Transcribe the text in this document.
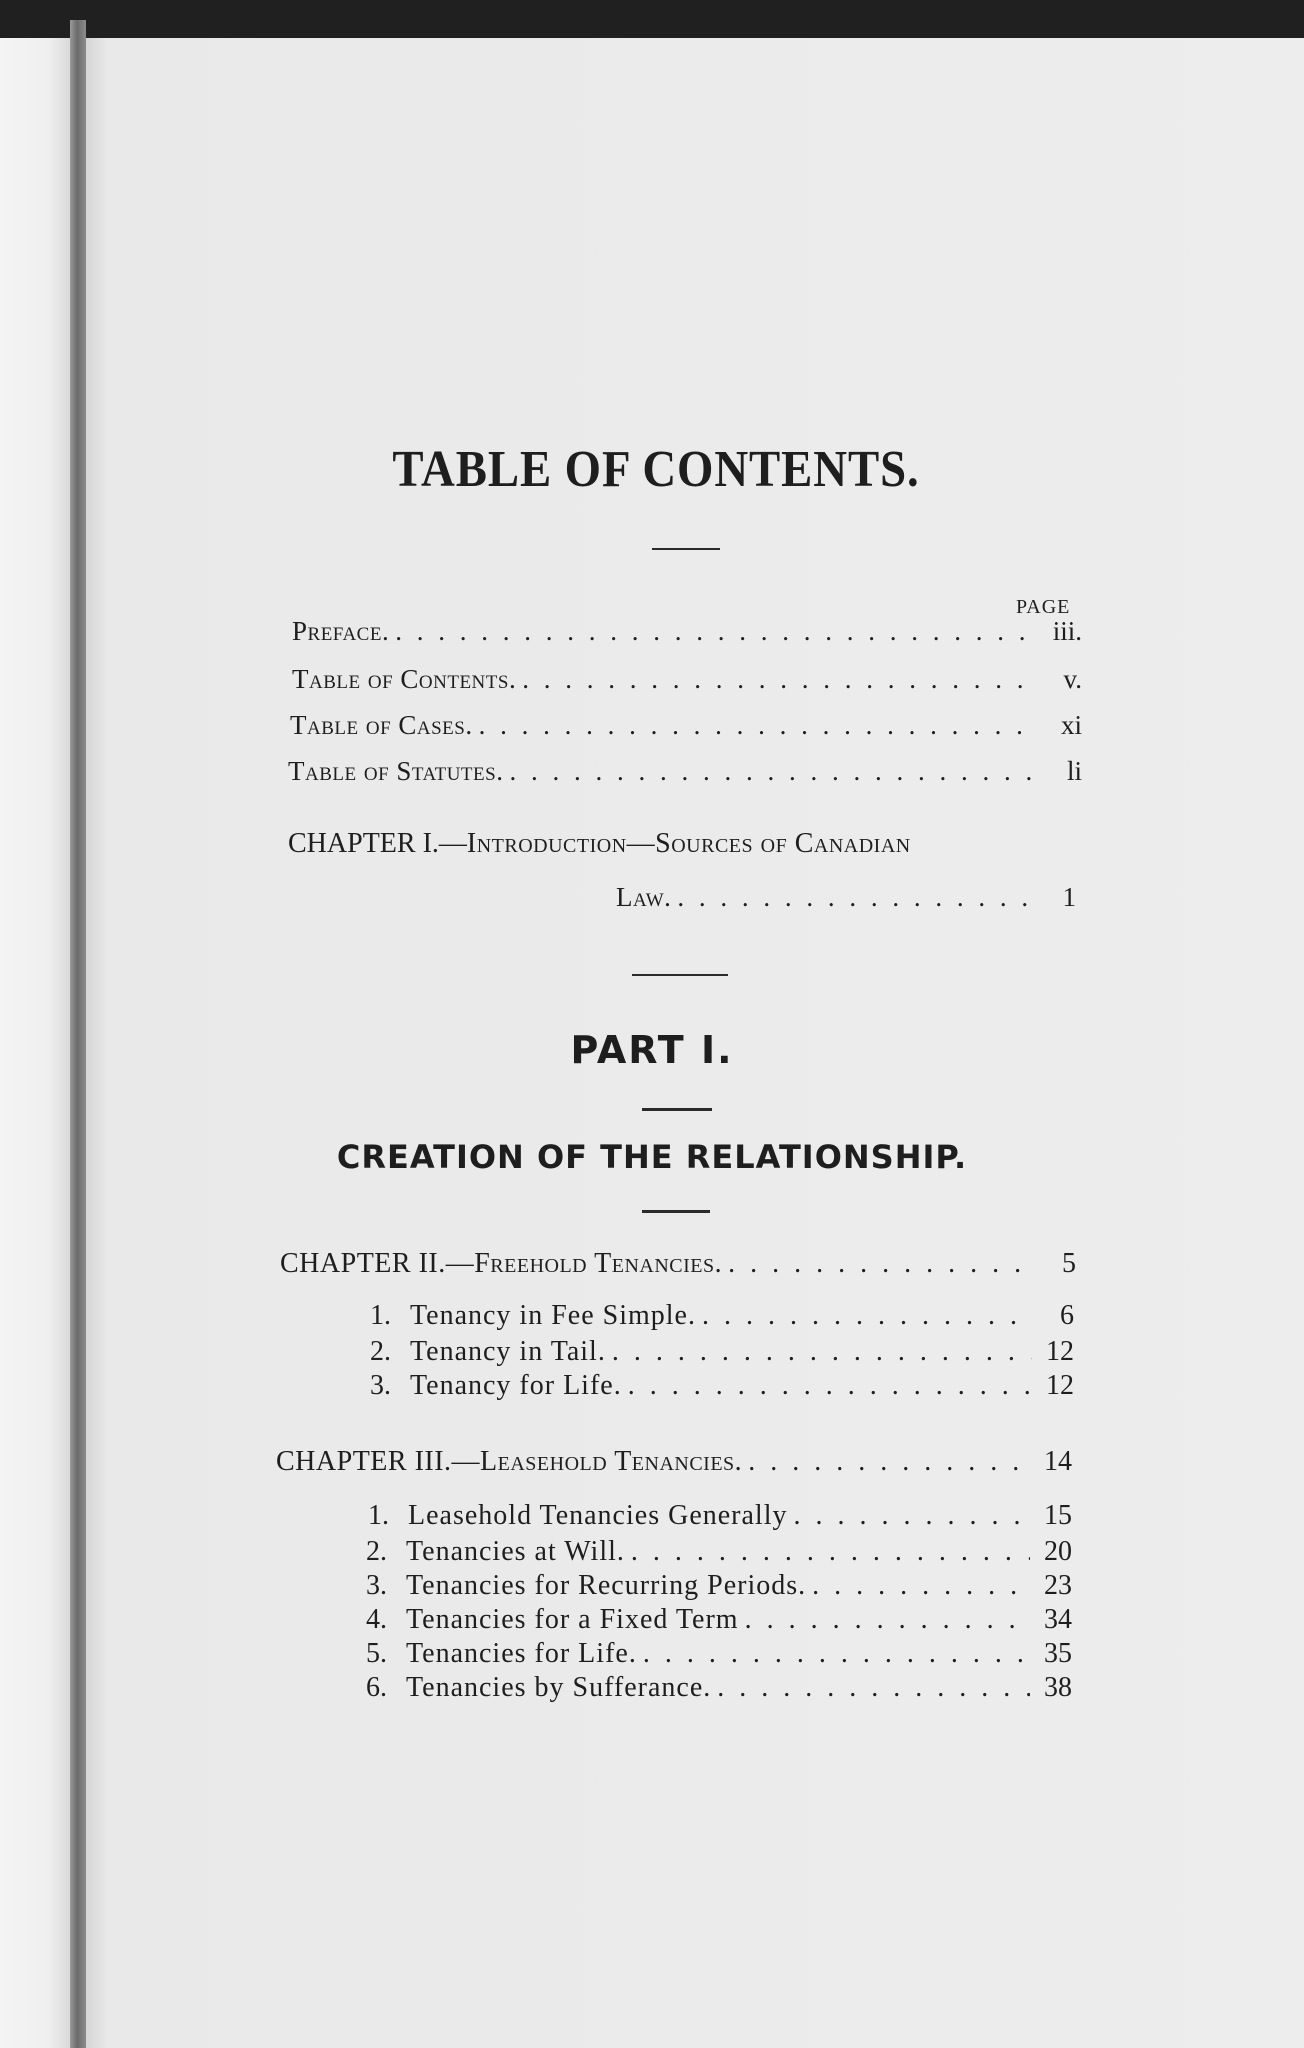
TABLE OF CONTENTS.
PAGE
Preface. . . .	iii.
Table of Contents. . . .	v.
Table of Cases. . . .	xi
Table of Statutes. . . .	li
CHAPTER I.—Introduction—Sources of Canadian
Law. . . .	1
PART I.
CREATION OF THE RELATIONSHIP.
CHAPTER II.—Freehold Tenancies. . . .	5
1. Tenancy in Fee Simple. . . .	6
2. Tenancy in Tail. . . .	12
3. Tenancy for Life. . . .	12
CHAPTER III.—Leasehold Tenancies. . . .	14
1. Leasehold Tenancies Generally . . .	15
2. Tenancies at Will. . . .	20
3. Tenancies for Recurring Periods. . . .	23
4. Tenancies for a Fixed Term . . .	34
5. Tenancies for Life. . . .	35
6. Tenancies by Sufferance. . . .	38
